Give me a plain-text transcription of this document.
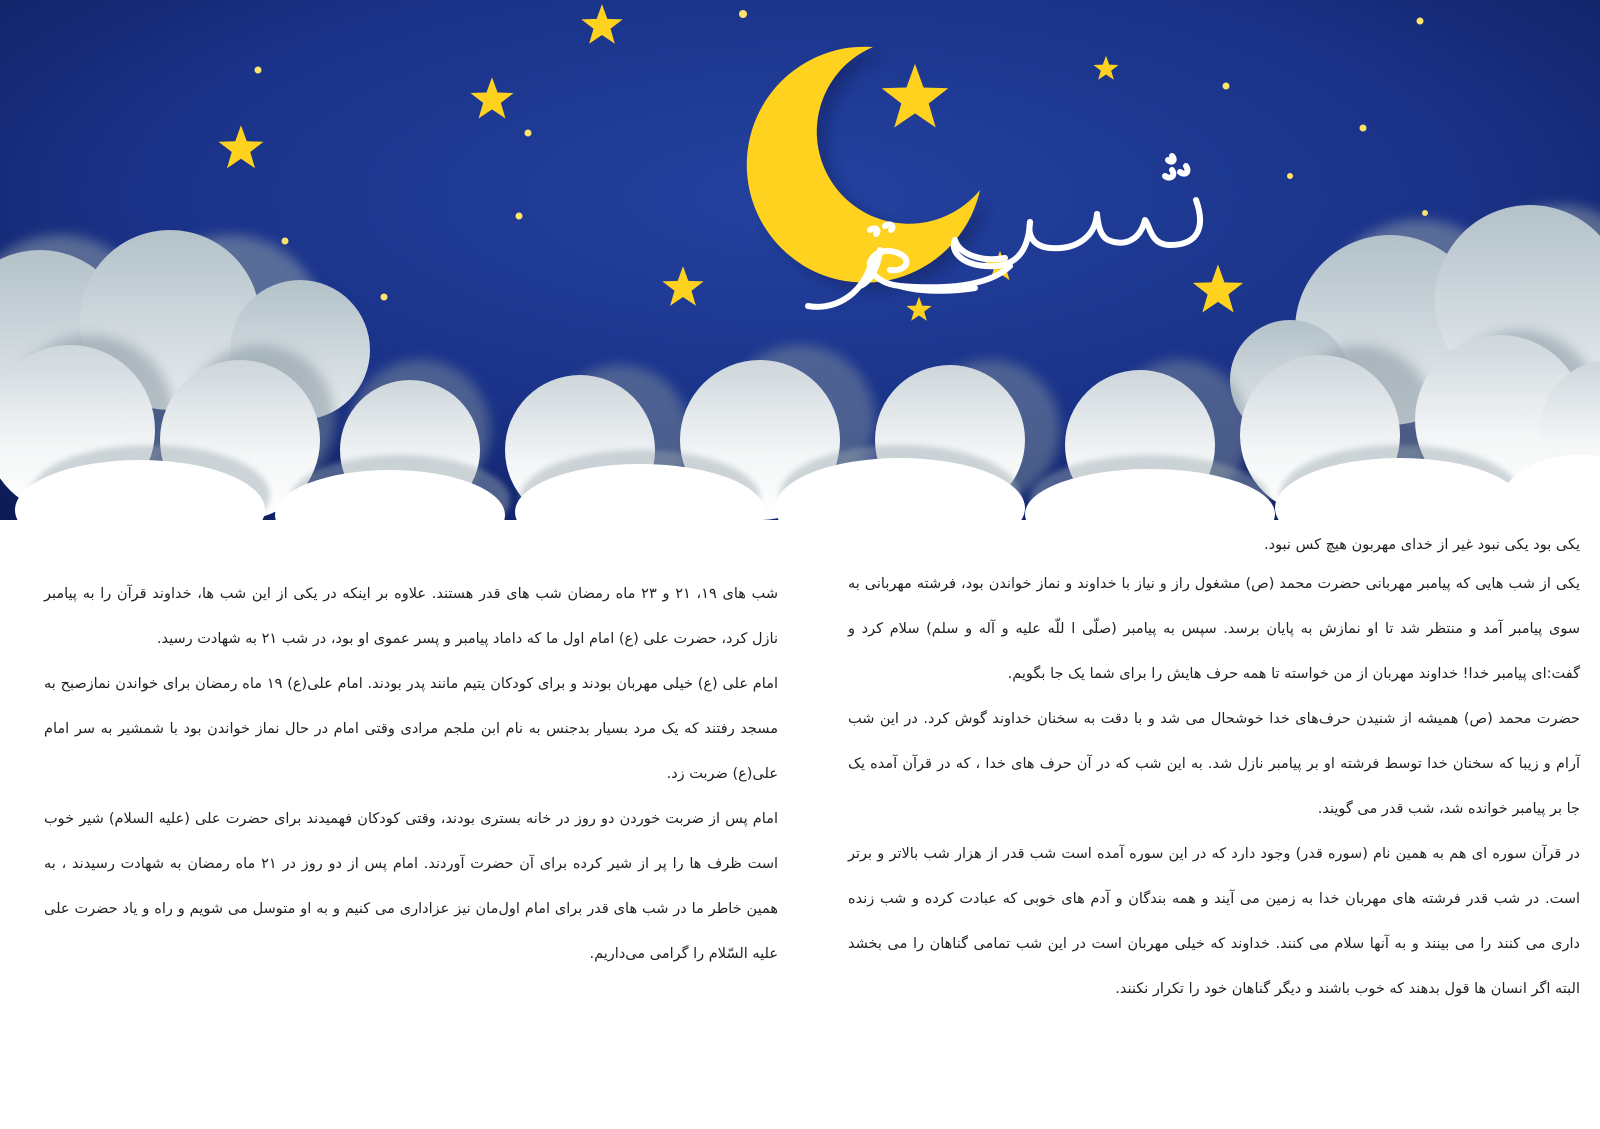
یکی بود یکی نبود غیر از خدای مهربون هیچ کس نبود.

یکی از شب هایی که پیامبر مهربانی حضرت محمد (ص) مشغول راز و نیاز با خداوند و نماز خواندن بود، فرشته مهربانی به سوی پیامبر آمد و منتظر شد تا او نمازش به پایان برسد. سپس به پیامبر (صلّی ا للّه علیه و آله و سلم) سلام کرد و گفت:ای پیامبر خدا! خداوند مهربان از من خواسته تا همه حرف هایش را برای شما یک جا بگویم.

حضرت محمد (ص) همیشه از شنیدن حرف‌های خدا خوشحال می شد و با دقت به سخنان خداوند گوش کرد. در این شب آرام و زیبا که سخنان خدا توسط فرشته او بر پیامبر نازل شد. به این شب که در آن حرف های خدا ، که در قرآن آمده یک جا بر پیامبر خوانده شد، شب قدر می گویند.

در قرآن سوره ای هم به همین نام (سوره قدر) وجود دارد که در این سوره آمده است شب قدر از هزار شب بالاتر و برتر است. در شب قدر فرشته های مهربان خدا به زمین می آیند و همه بندگان و آدم های خوبی که عبادت کرده و شب زنده داری می کنند را می بینند و به آنها سلام می کنند. خداوند که خیلی مهربان است در این شب تمامی گناهان را می بخشد البته اگر انسان ها قول بدهند که خوب باشند و دیگر گناهان خود را تکرار نکنند.

شب های ۱۹، ۲۱ و ۲۳ ماه رمضان شب های قدر هستند. علاوه بر اینکه در یکی از این شب ها، خداوند قرآن را به پیامبر نازل کرد، حضرت علی (ع) امام اول ما که داماد پیامبر و پسر عموی او بود، در شب ۲۱ به شهادت رسید.

امام علی (ع) خیلی مهربان بودند و برای کودکان یتیم مانند پدر بودند. امام علی(ع) ۱۹ ماه رمضان برای خواندن نمازصبح به مسجد رفتند که یک مرد بسیار بدجنس به نام ابن ملجم مرادی وقتی امام در حال نماز خواندن بود با شمشیر به سر امام علی(ع) ضربت زد.

امام پس از ضربت خوردن دو روز در خانه بستری بودند، وقتی کودکان فهمیدند برای حضرت علی (علیه السلام) شیر خوب است ظرف ها را پر از شیر کرده برای آن حضرت آوردند. امام پس از دو روز در ۲۱ ماه رمضان به شهادت رسیدند ، به همین خاطر ما در شب های قدر برای امام اول‌مان نیز عزاداری می کنیم و به او متوسل می شویم و راه و یاد حضرت علی علیه السّلام را گرامی می‌داریم.
